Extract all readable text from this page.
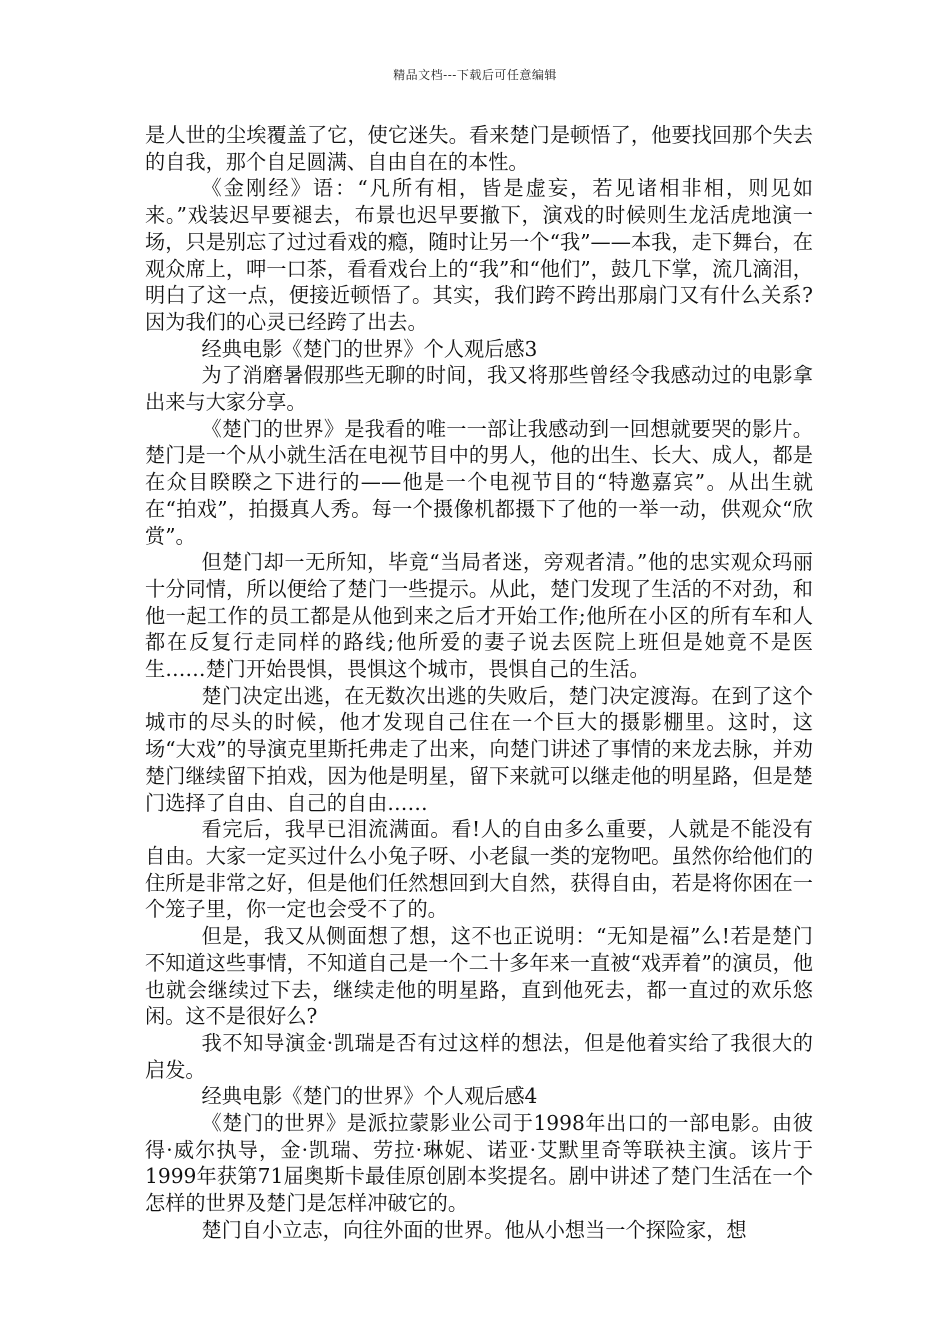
精品文档---下载后可任意编辑

是人世的尘埃覆盖了它，使它迷失。看来楚门是顿悟了，他要找回那个失去的自我，那个自足圆满、自由自在的本性。

《金刚经》语：“凡所有相，皆是虚妄，若见诸相非相，则见如来。”戏装迟早要褪去，布景也迟早要撤下，演戏的时候则生龙活虎地演一场，只是别忘了过过看戏的瘾，随时让另一个“我”——本我，走下舞台，在观众席上，呷一口茶，看看戏台上的“我”和“他们”，鼓几下掌，流几滴泪，明白了这一点，便接近顿悟了。其实，我们跨不跨出那扇门又有什么关系?因为我们的心灵已经跨了出去。

经典电影《楚门的世界》个人观后感3

为了消磨暑假那些无聊的时间，我又将那些曾经令我感动过的电影拿出来与大家分享。

《楚门的世界》是我看的唯一一部让我感动到一回想就要哭的影片。楚门是一个从小就生活在电视节目中的男人，他的出生、长大、成人，都是在众目睽睽之下进行的——他是一个电视节目的“特邀嘉宾”。从出生就在“拍戏”，拍摄真人秀。每一个摄像机都摄下了他的一举一动，供观众“欣赏”。

但楚门却一无所知，毕竟“当局者迷，旁观者清。”他的忠实观众玛丽十分同情，所以便给了楚门一些提示。从此，楚门发现了生活的不对劲，和他一起工作的员工都是从他到来之后才开始工作;他所在小区的所有车和人都在反复行走同样的路线;他所爱的妻子说去医院上班但是她竟不是医生……楚门开始畏惧，畏惧这个城市，畏惧自己的生活。

楚门决定出逃，在无数次出逃的失败后，楚门决定渡海。在到了这个城市的尽头的时候，他才发现自己住在一个巨大的摄影棚里。这时，这场“大戏”的导演克里斯托弗走了出来，向楚门讲述了事情的来龙去脉，并劝楚门继续留下拍戏，因为他是明星，留下来就可以继走他的明星路，但是楚门选择了自由、自己的自由……

看完后，我早已泪流满面。看!人的自由多么重要，人就是不能没有自由。大家一定买过什么小兔子呀、小老鼠一类的宠物吧。虽然你给他们的住所是非常之好，但是他们任然想回到大自然，获得自由，若是将你困在一个笼子里，你一定也会受不了的。

但是，我又从侧面想了想，这不也正说明：“无知是福”么!若是楚门不知道这些事情，不知道自己是一个二十多年来一直被“戏弄着”的演员，他也就会继续过下去，继续走他的明星路，直到他死去，都一直过的欢乐悠闲。这不是很好么?

我不知导演金·凯瑞是否有过这样的想法，但是他着实给了我很大的启发。

经典电影《楚门的世界》个人观后感4

《楚门的世界》是派拉蒙影业公司于1998年出口的一部电影。由彼得·威尔执导，金·凯瑞、劳拉·琳妮、诺亚·艾默里奇等联袂主演。该片于1999年获第71届奥斯卡最佳原创剧本奖提名。剧中讲述了楚门生活在一个怎样的世界及楚门是怎样冲破它的。

楚门自小立志，向往外面的世界。他从小想当一个探险家，想
